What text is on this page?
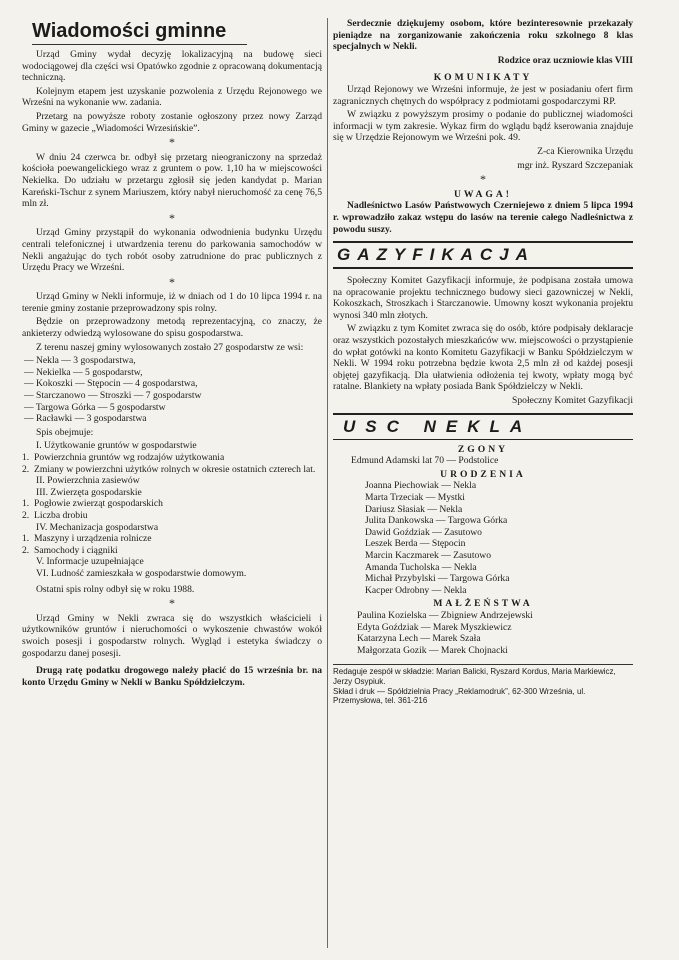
Wiadomości gminne

Urząd Gminy wydał decyzję lokalizacyjną na budowę sieci wodociągowej dla części wsi Opatówko zgodnie z opracowaną dokumentacją techniczną.

Kolejnym etapem jest uzyskanie pozwolenia z Urzędu Rejonowego we Wrześni na wykonanie ww. zadania.

Przetarg na powyższe roboty zostanie ogłoszony przez nowy Zarząd Gminy w gazecie „Wiadomości Wrzesińskie”.

*

W dniu 24 czerwca br. odbył się przetarg nieograniczony na sprzedaż kościoła poewangelickiego wraz z gruntem o pow. 1,10 ha w miejscowości Nekielka. Do udziału w przetargu zgłosił się jeden kandydat p. Marian Kareński-Tschur z synem Mariuszem, który nabył nieruchomość za cenę 76,5 mln zł.

*

Urząd Gminy przystąpił do wykonania odwodnienia budynku Urzędu centrali telefonicznej i utwardzenia terenu do parkowania samochodów w Nekli angażując do tych robót osoby zatrudnione do prac publicznych z Urzędu Pracy we Wrześni.

*

Urząd Gminy w Nekli informuje, iż w dniach od 1 do 10 lipca 1994 r. na terenie gminy zostanie przeprowadzony spis rolny.

Będzie on przeprowadzony metodą reprezentacyjną, co znaczy, że ankieterzy odwiedzą wylosowane do spisu gospodarstwa.

Z terenu naszej gminy wylosowanych zostało 27 gospodarstw ze wsi:

— Nekla — 3 gospodarstwa,
— Nekielka — 5 gospodarstw,
— Kokoszki — Stępocin — 4 gospodarstwa,
— Starczanowo — Stroszki — 7 gospodarstw
— Targowa Górka — 5 gospodarstw
— Racławki — 3 gospodarstwa

Spis obejmuje:

I. Użytkowanie gruntów w gospodarstwie
1. Powierzchnia gruntów wg rodzajów użytkowania
2. Zmiany w powierzchni użytków rolnych w okresie ostatnich czterech lat.
II. Powierzchnia zasiewów
III. Zwierzęta gospodarskie
1. Pogłowie zwierząt gospodarskich
2. Liczba drobiu
IV. Mechanizacja gospodarstwa
1. Maszyny i urządzenia rolnicze
2. Samochody i ciągniki
V. Informacje uzupełniające
VI. Ludność zamieszkała w gospodarstwie domowym.

Ostatni spis rolny odbył się w roku 1988.

*

Urząd Gminy w Nekli zwraca się do wszystkich właścicieli i użytkowników gruntów i nieruchomości o wykoszenie chwastów wokół swoich posesji i gospodarstw rolnych. Wygląd i estetyka świadczy o gospodarzu danej posesji.

Drugą ratę podatku drogowego należy płacić do 15 września br. na konto Urzędu Gminy w Nekli w Banku Spółdzielczym.

Serdecznie dziękujemy osobom, które bezinteresownie przekazały pieniądze na zorganizowanie zakończenia roku szkolnego 8 klas specjalnych w Nekli.

Rodzice oraz uczniowie klas VIII

KOMUNIKATY

Urząd Rejonowy we Wrześni informuje, że jest w posiadaniu ofert firm zagranicznych chętnych do współpracy z podmiotami gospodarczymi RP.

W związku z powyższym prosimy o podanie do publicznej wiadomości informacji w tym zakresie. Wykaz firm do wglądu bądź kserowania znajduje się w Urzędzie Rejonowym we Wrześni pok. 49.

Z-ca Kierownika Urzędu

mgr inż. Ryszard Szczepaniak

*
UWAGA!

Nadleśnictwo Lasów Państwowych Czerniejewo z dniem 5 lipca 1994 r. wprowadziło zakaz wstępu do lasów na terenie całego Nadleśnictwa z powodu suszy.

GAZYFIKACJA

Społeczny Komitet Gazyfikacji informuje, że podpisana została umowa na opracowanie projektu technicznego budowy sieci gazowniczej w Nekli, Kokoszkach, Stroszkach i Starczanowie. Umowny koszt wykonania projektu wynosi 340 mln złotych.

W związku z tym Komitet zwraca się do osób, które podpisały deklaracje oraz wszystkich pozostałych mieszkańców ww. miejscowości o przystąpienie do wpłat gotówki na konto Komitetu Gazyfikacji w Banku Spółdzielczym w Nekli. W 1994 roku potrzebna będzie kwota 2,5 mln zł od każdej posesji objętej gazyfikacją. Dla ułatwienia odłożenia tej kwoty, wpłaty mogą być ratalne. Blankiety na wpłaty posiada Bank Spółdzielczy w Nekli.

Społeczny Komitet Gazyfikacji

USC NEKLA
ZGONY
Edmund Adamski lat 70 — Podstolice
URODZENIA
Joanna Piechowiak — Nekla
Marta Trzeciak — Mystki
Dariusz Słasiak — Nekla
Julita Dankowska — Targowa Górka
Dawid Goździak — Zasutowo
Leszek Berda — Stępocin
Marcin Kaczmarek — Zasutowo
Amanda Tucholska — Nekla
Michał Przybylski — Targowa Górka
Kacper Odrobny — Nekla
MAŁŻEŃSTWA
Paulina Kozielska — Zbigniew Andrzejewski
Edyta Goździak — Marek Myszkiewicz
Katarzyna Lech — Marek Szała
Małgorzata Gozik — Marek Chojnacki
Redaguje zespół w składzie: Marian Balicki, Ryszard Kordus, Maria Markiewicz, Jerzy Osypiuk.
Skład i druk — Spółdzielnia Pracy „Reklamodruk”, 62-300 Września, ul. Przemysłowa, tel. 361-216
